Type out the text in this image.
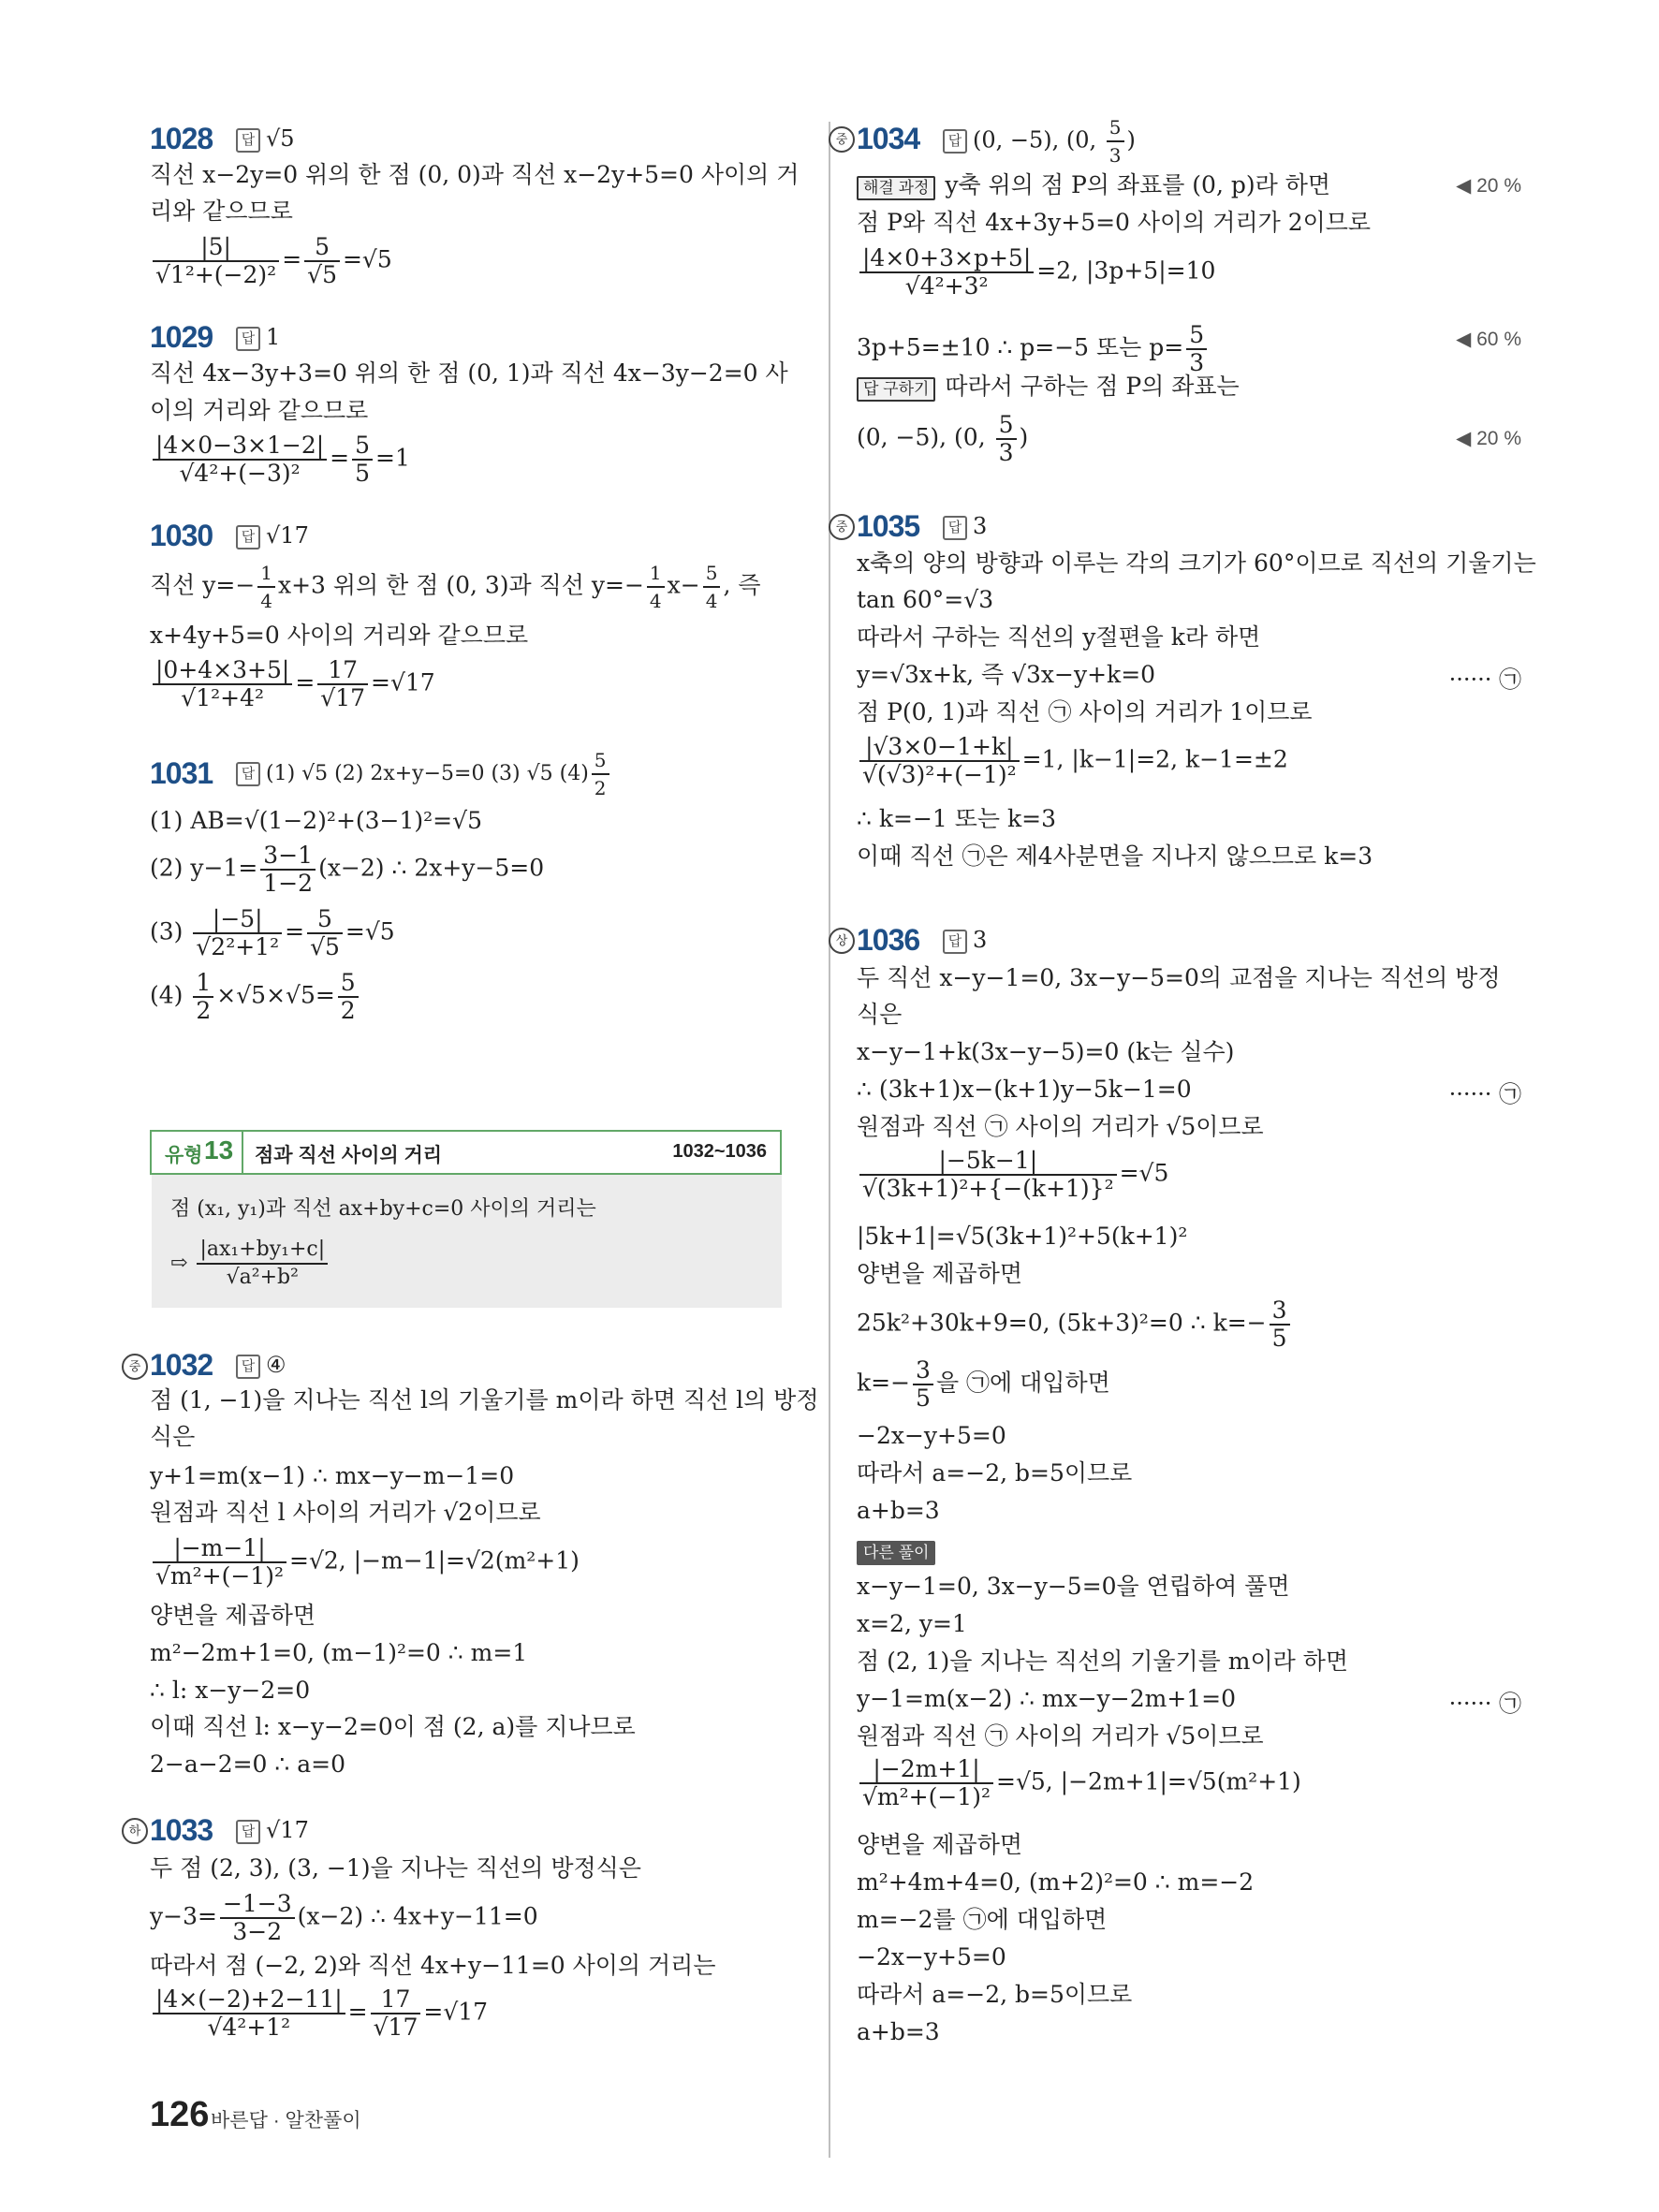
1028	답 √5
직선 x−2y=0 위의 한 점 (0, 0)과 직선 x−2y+5=0 사이의 거
리와 같으므로
$\frac{|5|}{\text{√1²+(−2)²}} = \frac{5}{√5} =√5$
1029	답 1
직선 4x−3y+3=0 위의 한 점 (0, 1)과 직선 4x−3y−2=0 사
이의 거리와 같으므로
$\frac{|4\times 0-3\times 1-2|}{\text{√4²+(−3)²}} = \frac{5}{5} =1$
1030	답 √17
직선 $y=- \frac{1}{4} x+3$ 위의 한 점 (0, 3)과 직선 $y=- \frac{1}{4} x- \frac{5}{4}$ , 즉
x+4y+5=0 사이의 거리와 같으므로
$\frac{|0+4\times 3+5|}{\text{√1²+4²}} = \frac{17}{√17} =√17$
1031	답 (1) √5 (2) 2x+y−5=0 (3) √5 $(4) \frac{5}{2}$
(1) AB=√(1−2)²+(3−1)²=√5
(2) $y-1= \frac{3-1}{1-2} (x-2)$ ∴ 2x+y−5=0
$(3) \frac{|-5|}{\text{√2²+1²}} = \frac{5}{√5} =√5$
$(4) \frac{1}{2} \times√5\times√5= \frac{5}{2}$
유형 13 점과 직선 사이의 거리	1032~1036
점 (x₁, y₁)과 직선 ax+by+c=0 사이의 거리는
⇨ $\frac{\text{|ax₁+by₁+c|}}{\text{√a²+b²}}$
중 1032	답 ④
점 (1, −1)을 지나는 직선 l의 기울기를 m이라 하면 직선 l의 방정
식은
y+1=m(x−1) ∴ mx−y−m−1=0
원점과 직선 l 사이의 거리가 √2이므로
$\frac{|-m-1|}{\text{√m²+(−1)²}} =√2$, |−m−1|=√2(m²+1)
양변을 제곱하면
m²−2m+1=0, (m−1)²=0 ∴ m=1
∴ l: x−y−2=0
이때 직선 l: x−y−2=0이 점 (2, a)를 지나므로
2−a−2=0 ∴ a=0
하 1033	답 √17
두 점 (2, 3), (3, −1)을 지나는 직선의 방정식은
$y-3= \frac{-1-3}{3-2} (x-2)$ ∴ 4x+y−11=0
따라서 점 (−2, 2)와 직선 4x+y−11=0 사이의 거리는
$\frac{|4\times(-2)+2-11|}{\text{√4²+1²}} = \frac{17}{√17} =√17$
중 1034	답 (0, −5), (0, $\frac{5}{3}$ )
해결 과정 y축 위의 점 P의 좌표를 (0, p)라 하면	◀ 20 %
점 P와 직선 4x+3y+5=0 사이의 거리가 2이므로
$\frac{|4\times 0+3\times p+5|}{\text{√4²+3²}} =2$, |3p+5|=10
3p+5=±10 ∴ p=−5 또는 $p= \frac{5}{3}$	◀ 60 %
답 구하기 따라서 구하는 점 P의 좌표는
(0, −5), (0, $\frac{5}{3}$ )	◀ 20 %
중 1035	답 3
x축의 양의 방향과 이루는 각의 크기가 60°이므로 직선의 기울기는
tan 60°=√3
따라서 구하는 직선의 y절편을 k라 하면
y=√3x+k, 즉 √3x−y+k=0	······ ㉠
점 P(0, 1)과 직선 ㉠ 사이의 거리가 1이므로
$\frac{|√3\times 0-1+k|}{\text{√(√3)²+(−1)²}} =1$, |k−1|=2, k−1=±2
∴ k=−1 또는 k=3
이때 직선 ㉠은 제4사분면을 지나지 않으므로 k=3
상 1036	답 3
두 직선 x−y−1=0, 3x−y−5=0의 교점을 지나는 직선의 방정
식은
x−y−1+k(3x−y−5)=0 (k는 실수)
∴ (3k+1)x−(k+1)y−5k−1=0	······ ㉠
원점과 직선 ㉠ 사이의 거리가 √5이므로
$\frac{|-5k-1|}{\text{√(3k+1)²+\{−(k+1)\}²}} =√5$
|5k+1|=√5(3k+1)²+5(k+1)²
양변을 제곱하면
25k²+30k+9=0, (5k+3)²=0 ∴ $k=- \frac{3}{5}$
$k=- \frac{3}{5}$ 을 ㉠에 대입하면
−2x−y+5=0
따라서 a=−2, b=5이므로
a+b=3
다른 풀이
x−y−1=0, 3x−y−5=0을 연립하여 풀면
x=2, y=1
점 (2, 1)을 지나는 직선의 기울기를 m이라 하면
y−1=m(x−2) ∴ mx−y−2m+1=0	······ ㉠
원점과 직선 ㉠ 사이의 거리가 √5이므로
$\frac{|-2m+1|}{\text{√m²+(−1)²}} =√5$, |−2m+1|=√5(m²+1)
양변을 제곱하면
m²+4m+4=0, (m+2)²=0 ∴ m=−2
m=−2를 ㉠에 대입하면
−2x−y+5=0
따라서 a=−2, b=5이므로
a+b=3
126 바른답 · 알찬풀이
